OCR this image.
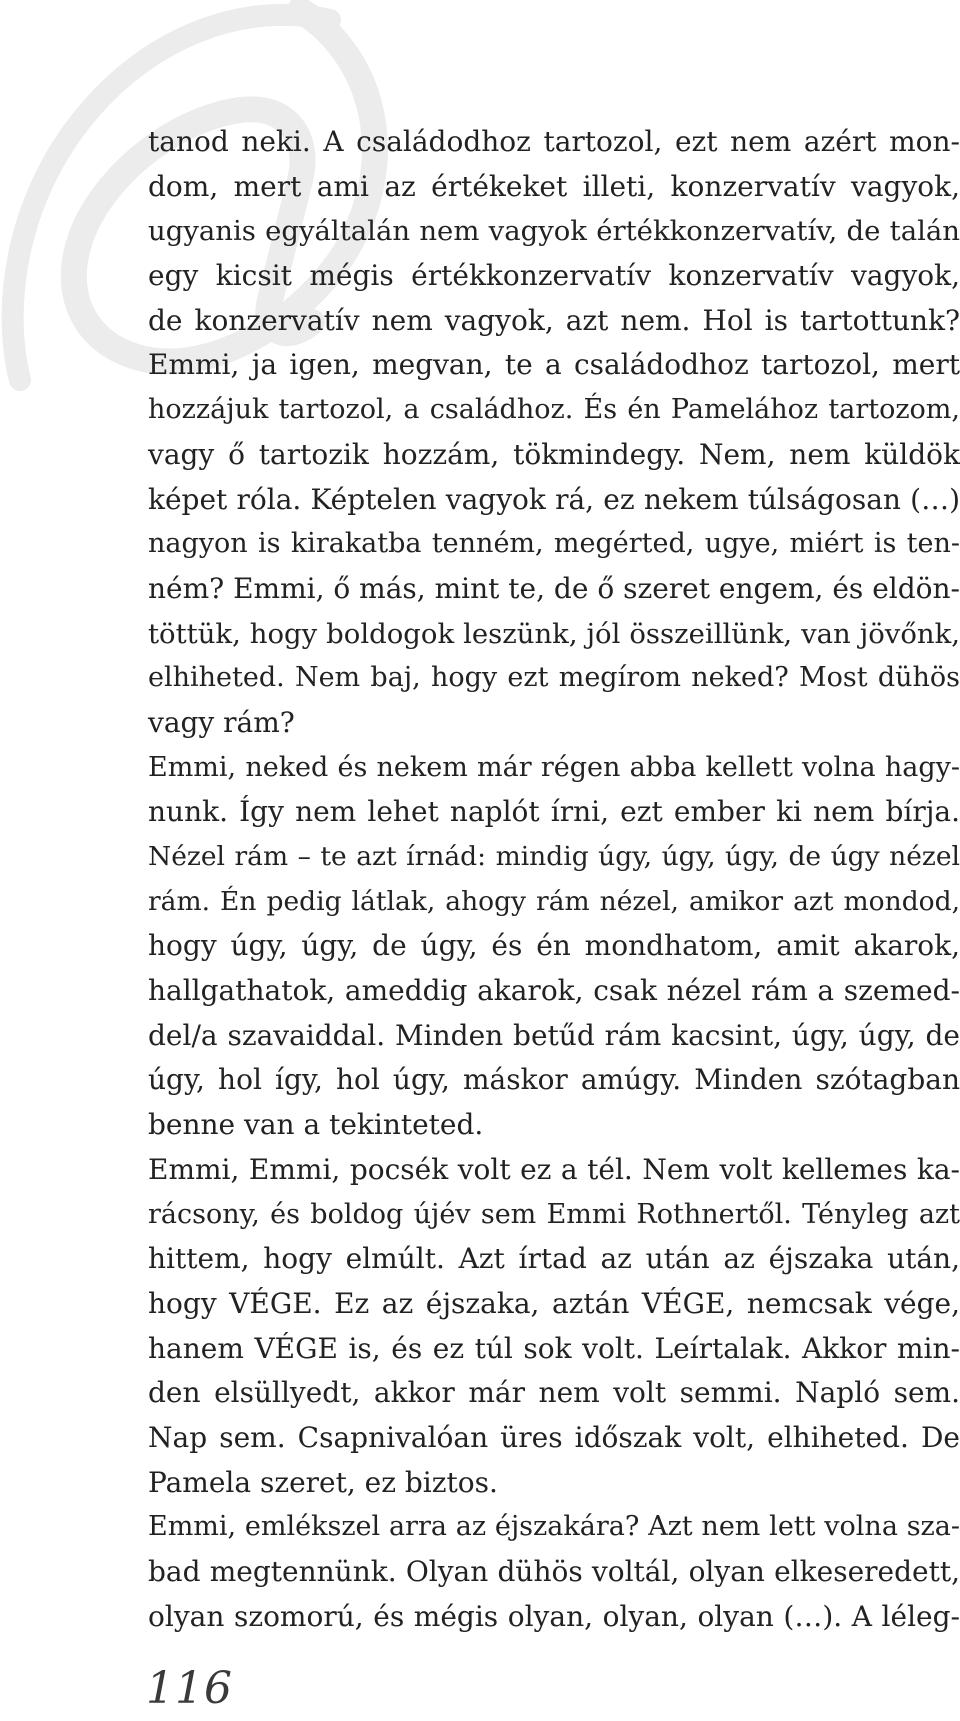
tanod neki. A családodhoz tartozol, ezt nem azért mon-
dom, mert ami az értékeket illeti, konzervatív vagyok,
ugyanis egyáltalán nem vagyok értékkonzervatív, de talán
egy kicsit mégis értékkonzervatív konzervatív vagyok,
de konzervatív nem vagyok, azt nem. Hol is tartottunk?
Emmi, ja igen, megvan, te a családodhoz tartozol, mert
hozzájuk tartozol, a családhoz. És én Pamelához tartozom,
vagy ő tartozik hozzám, tökmindegy. Nem, nem küldök
képet róla. Képtelen vagyok rá, ez nekem túlságosan (…)
nagyon is kirakatba tenném, megérted, ugye, miért is ten-
ném? Emmi, ő más, mint te, de ő szeret engem, és eldön-
töttük, hogy boldogok leszünk, jól összeillünk, van jövőnk,
elhiheted. Nem baj, hogy ezt megírom neked? Most dühös
vagy rám?
Emmi, neked és nekem már régen abba kellett volna hagy-
nunk. Így nem lehet naplót írni, ezt ember ki nem bírja.
Nézel rám – te azt írnád: mindig úgy, úgy, úgy, de úgy nézel
rám. Én pedig látlak, ahogy rám nézel, amikor azt mondod,
hogy úgy, úgy, de úgy, és én mondhatom, amit akarok,
hallgathatok, ameddig akarok, csak nézel rám a szemed-
del/a szavaiddal. Minden betűd rám kacsint, úgy, úgy, de
úgy, hol így, hol úgy, máskor amúgy. Minden szótagban
benne van a tekinteted.
Emmi, Emmi, pocsék volt ez a tél. Nem volt kellemes ka-
rácsony, és boldog újév sem Emmi Rothnertől. Tényleg azt
hittem, hogy elmúlt. Azt írtad az után az éjszaka után,
hogy VÉGE. Ez az éjszaka, aztán VÉGE, nemcsak vége,
hanem VÉGE is, és ez túl sok volt. Leírtalak. Akkor min-
den elsüllyedt, akkor már nem volt semmi. Napló sem.
Nap sem. Csapnivalóan üres időszak volt, elhiheted. De
Pamela szeret, ez biztos.
Emmi, emlékszel arra az éjszakára? Azt nem lett volna sza-
bad megtennünk. Olyan dühös voltál, olyan elkeseredett,
olyan szomorú, és mégis olyan, olyan, olyan (…). A léleg-
116
